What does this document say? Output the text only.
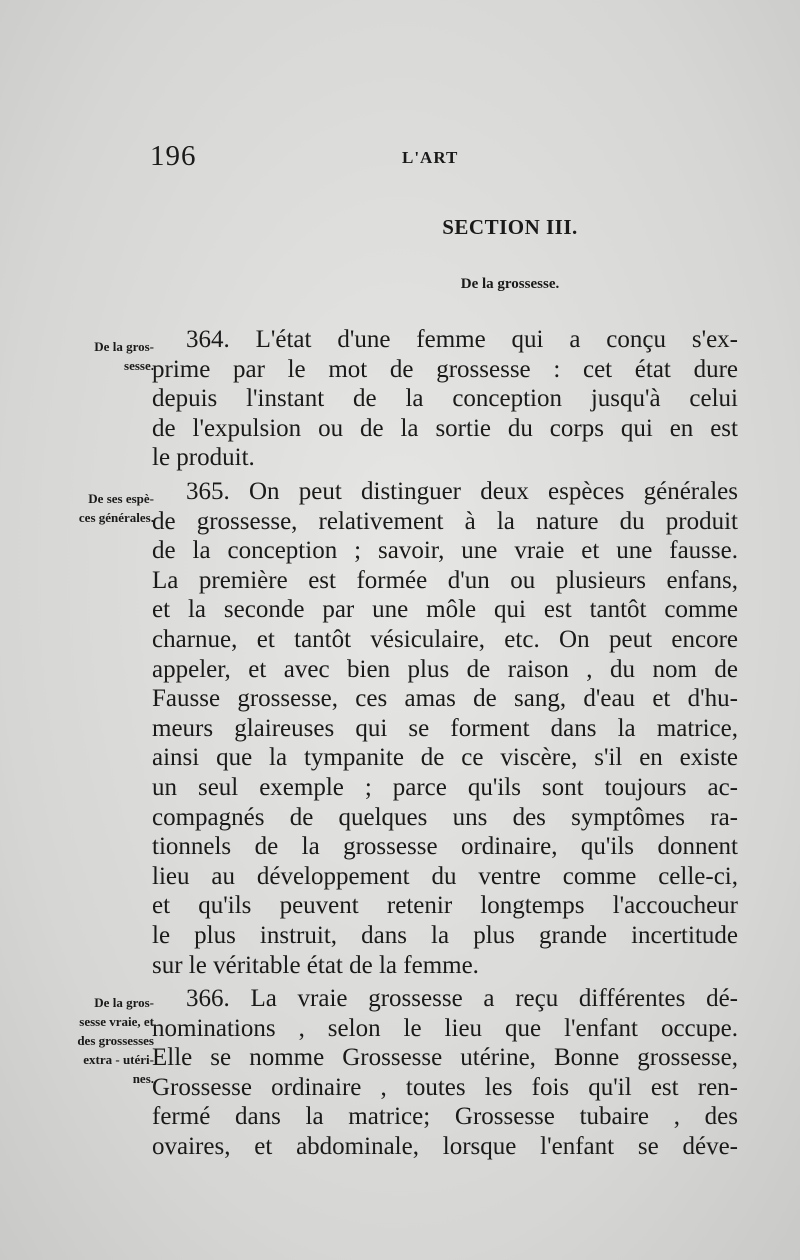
196	L'ART
SECTION III.
De la grossesse.
De la gros-
sesse.
De ses espè-
ces générales.
De la gros-
sesse vraie, et
des grossesses
extra - utéri-
nes.
364. L'état d'une femme qui a conçu s'ex-
prime par le mot de grossesse : cet état dure
depuis l'instant de la conception jusqu'à celui
de l'expulsion ou de la sortie du corps qui en est
le produit.
365. On peut distinguer deux espèces générales
de grossesse, relativement à la nature du produit
de la conception ; savoir, une vraie et une fausse.
La première est formée d'un ou plusieurs enfans,
et la seconde par une môle qui est tantôt comme
charnue, et tantôt vésiculaire, etc. On peut encore
appeler, et avec bien plus de raison , du nom de
Fausse grossesse, ces amas de sang, d'eau et d'hu-
meurs glaireuses qui se forment dans la matrice,
ainsi que la tympanite de ce viscère, s'il en existe
un seul exemple ; parce qu'ils sont toujours ac-
compagnés de quelques uns des symptômes ra-
tionnels de la grossesse ordinaire, qu'ils donnent
lieu au développement du ventre comme celle-ci,
et qu'ils peuvent retenir longtemps l'accoucheur
le plus instruit, dans la plus grande incertitude
sur le véritable état de la femme.
366. La vraie grossesse a reçu différentes dé-
nominations , selon le lieu que l'enfant occupe.
Elle se nomme Grossesse utérine, Bonne grossesse,
Grossesse ordinaire , toutes les fois qu'il est ren-
fermé dans la matrice; Grossesse tubaire , des
ovaires, et abdominale, lorsque l'enfant se déve-
